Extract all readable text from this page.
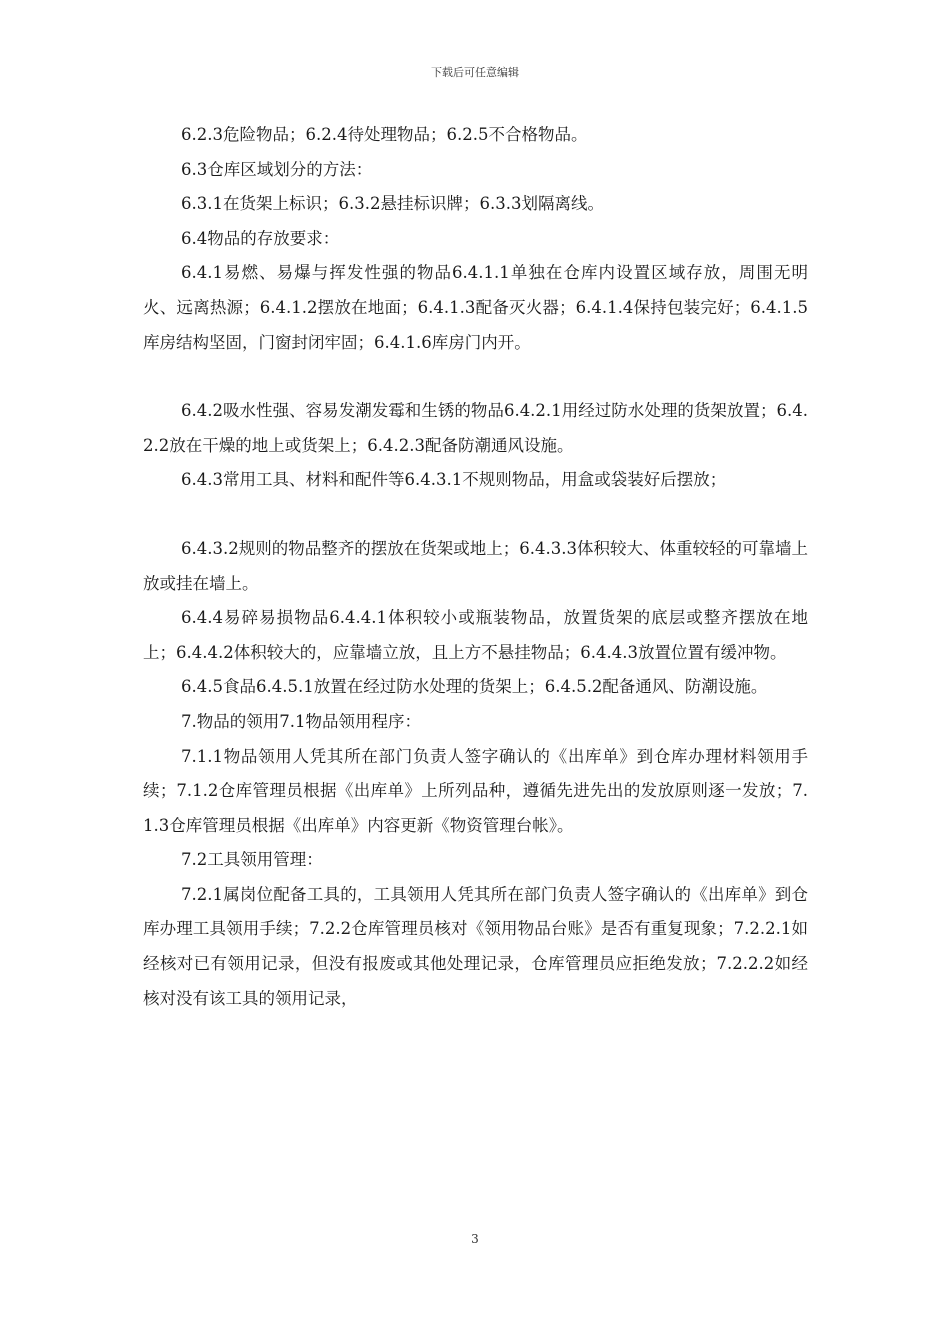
下载后可任意编辑

6.2.3危险物品；6.2.4待处理物品；6.2.5不合格物品。

6.3仓库区域划分的方法：

6.3.1在货架上标识；6.3.2悬挂标识牌；6.3.3划隔离线。

6.4物品的存放要求：

6.4.1易燃、易爆与挥发性强的物品6.4.1.1单独在仓库内设置区域存放，周围无明火、远离热源；6.4.1.2摆放在地面；6.4.1.3配备灭火器；6.4.1.4保持包装完好；6.4.1.5库房结构坚固，门窗封闭牢固；6.4.1.6库房门内开。

6.4.2吸水性强、容易发潮发霉和生锈的物品6.4.2.1用经过防水处理的货架放置；6.4.2.2放在干燥的地上或货架上；6.4.2.3配备防潮通风设施。

6.4.3常用工具、材料和配件等6.4.3.1不规则物品，用盒或袋装好后摆放；

6.4.3.2规则的物品整齐的摆放在货架或地上；6.4.3.3体积较大、体重较轻的可靠墙上放或挂在墙上。

6.4.4易碎易损物品6.4.4.1体积较小或瓶装物品，放置货架的底层或整齐摆放在地上；6.4.4.2体积较大的，应靠墙立放，且上方不悬挂物品；6.4.4.3放置位置有缓冲物。

6.4.5食品6.4.5.1放置在经过防水处理的货架上；6.4.5.2配备通风、防潮设施。

7.物品的领用7.1物品领用程序：

7.1.1物品领用人凭其所在部门负责人签字确认的《出库单》到仓库办理材料领用手续；7.1.2仓库管理员根据《出库单》上所列品种，遵循先进先出的发放原则逐一发放；7.1.3仓库管理员根据《出库单》内容更新《物资管理台帐》。

7.2工具领用管理：

7.2.1属岗位配备工具的，工具领用人凭其所在部门负责人签字确认的《出库单》到仓库办理工具领用手续；7.2.2仓库管理员核对《领用物品台账》是否有重复现象；7.2.2.1如经核对已有领用记录，但没有报废或其他处理记录，仓库管理员应拒绝发放；7.2.2.2如经核对没有该工具的领用记录，

3
